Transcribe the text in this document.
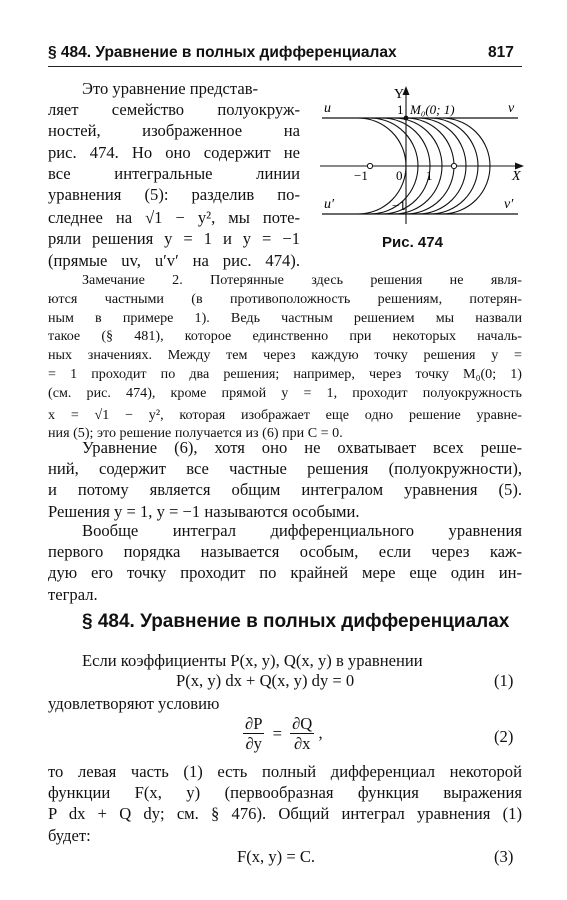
§ 484. Уравнение в полных дифференциалах	817
Это уравнение представ-
ляет семейство полуокруж-
ностей, изображенное на
рис. 474. Но оно содержит не
все интегральные линии
уравнения (5): разделив по-
следнее на √1 − y², мы поте-
ряли решения y = 1 и y = −1
(прямые uv, u′v′ на рис. 474).
u	v
u′	v′
Y
X
1 M₀(0; 1)
−1
−1	1
0
Рис. 474
Замечание 2. Потерянные здесь решения не явля-
ются частными (в противоположность решениям, потерян-
ным в примере 1). Ведь частным решением мы назвали
такое (§ 481), которое единственно при некоторых началь-
ных значениях. Между тем через каждую точку решения y =
= 1 проходит по два решения; например, через точку M₀(0; 1)
(см. рис. 474), кроме прямой y = 1, проходит полуокружность
x = √1 − y², которая изображает еще одно решение уравне-
ния (5); это решение получается из (6) при C = 0.
Уравнение (6), хотя оно не охватывает всех реше-
ний, содержит все частные решения (полуокружности),
и потому является общим интегралом уравнения (5).
Решения y = 1, y = −1 называются особыми.
Вообще интеграл дифференциального уравнения
первого порядка называется особым, если через каж-
дую его точку проходит по крайней мере еще один ин-
теграл.
§ 484. Уравнение в полных дифференциалах
Если коэффициенты P(x, y), Q(x, y) в уравнении
P(x, y) dx + Q(x, y) dy = 0	(1)
удовлетворяют условию
$\frac{\partial P}{\partial y} = \frac{\partial Q}{\partial x}$ ,	(2)
то левая часть (1) есть полный дифференциал некоторой
функции F(x, y) (первообразная функция выражения
P dx + Q dy; см. § 476). Общий интеграл уравнения (1)
будет:
F(x, y) = C.	(3)
